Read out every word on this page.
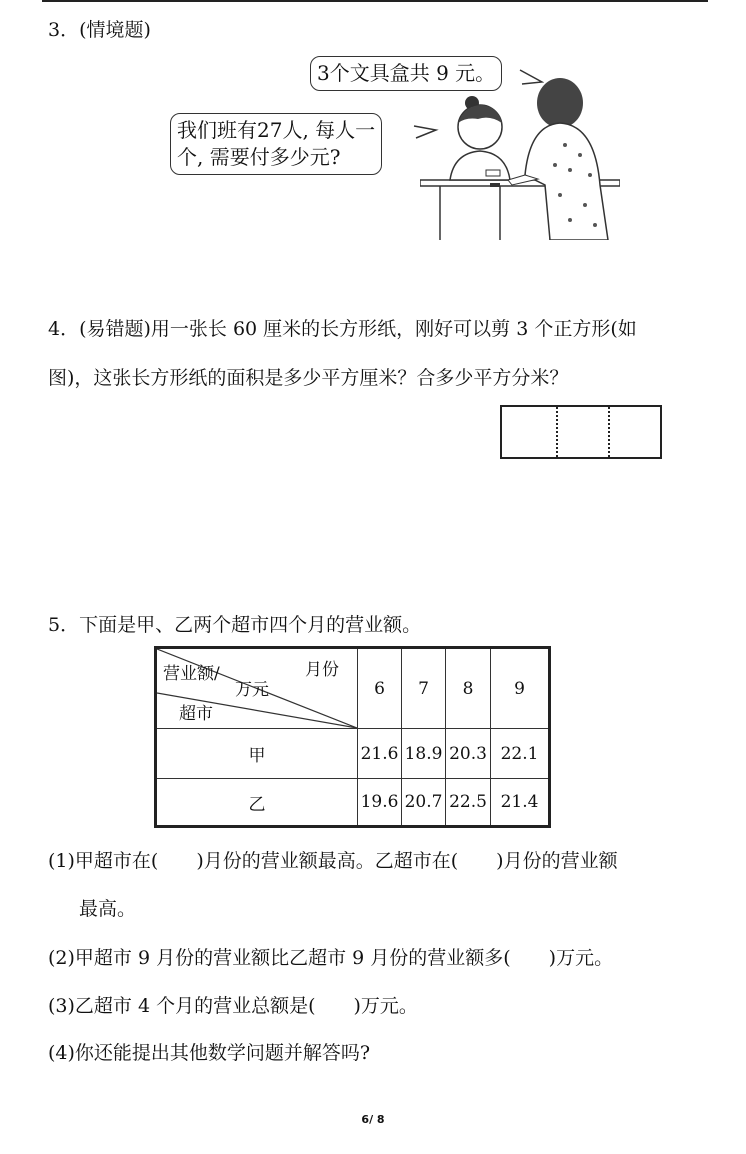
3．(情境题)
3个文具盒共 9 元。
我们班有27人, 每人一
个, 需要付多少元?
4．(易错题)用一张长 60 厘米的长方形纸，刚好可以剪 3 个正方形(如
图)，这张长方形纸的面积是多少平方厘米？合多少平方分米？
5．下面是甲、乙两个超市四个月的营业额。
月份
营业额/
万元
超市	6	7	8	9
甲	21.6	18.9	20.3	22.1
乙	19.6	20.7	22.5	21.4
(1)甲超市在(　　)月份的营业额最高。乙超市在(　　)月份的营业额
最高。
(2)甲超市 9 月份的营业额比乙超市 9 月份的营业额多(　　)万元。
(3)乙超市 4 个月的营业总额是(　　)万元。
(4)你还能提出其他数学问题并解答吗?
6/ 8
